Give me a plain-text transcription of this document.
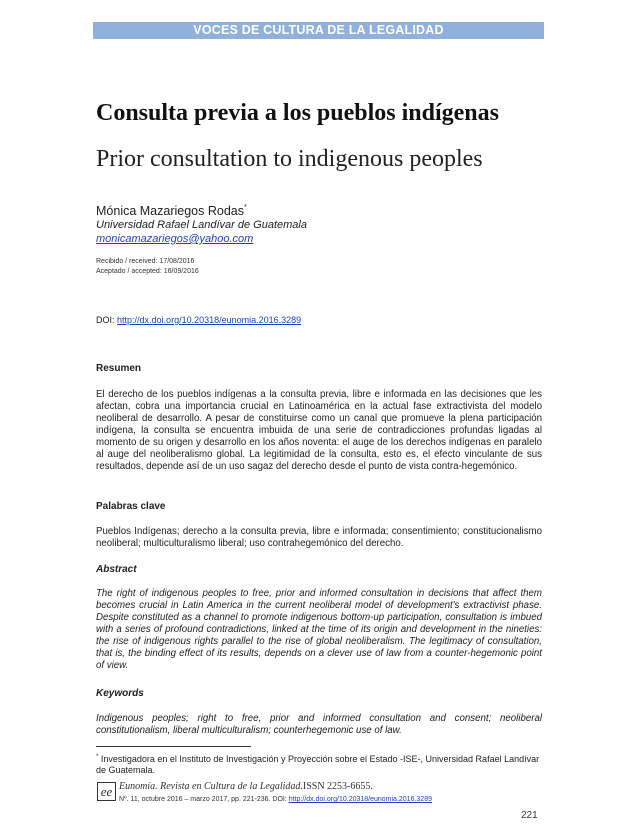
VOCES DE CULTURA DE LA LEGALIDAD
Consulta previa a los pueblos indígenas
Prior consultation to indigenous peoples
Mónica Mazariegos Rodas*
Universidad Rafael Landívar de Guatemala
monicamazariegos@yahoo.com
Recibido / received: 17/08/2016
Aceptado / accepted: 16/09/2016
DOI: http://dx.doi.org/10.20318/eunomia.2016.3289
Resumen

El derecho de los pueblos indígenas a la consulta previa, libre e informada en las decisiones que les afectan, cobra una importancia crucial en Latinoamérica en la actual fase extractivista del modelo neoliberal de desarrollo. A pesar de constituirse como un canal que promueve la plena participación indígena, la consulta se encuentra imbuida de una serie de contradicciones profundas ligadas al momento de su origen y desarrollo en los años noventa: el auge de los derechos indígenas en paralelo al auge del neoliberalismo global. La legitimidad de la consulta, esto es, el efecto vinculante de sus resultados, depende así de un uso sagaz del derecho desde el punto de vista contra-hegemónico.

Palabras clave

Pueblos Indígenas; derecho a la consulta previa, libre e informada; consentimiento; constitucionalismo neoliberal; multiculturalismo liberal; uso contrahegemónico del derecho.

Abstract

The right of indigenous peoples to free, prior and informed consultation in decisions that affect them becomes crucial in Latin America in the current neoliberal model of development's extractivist phase. Despite constituted as a channel to promote indigenous bottom-up participation, consultation is imbued with a series of profound contradictions, linked at the time of its origin and development in the nineties: the rise of indigenous rights parallel to the rise of global neoliberalism. The legitimacy of consultation, that is, the binding effect of its results, depends on a clever use of law from a counter-hegemonic point of view.

Keywords

Indigenous peoples; right to free, prior and informed consultation and consent; neoliberal constitutionalism, liberal multiculturalism; counterhegemonic use of law.

* Investigadora en el Instituto de Investigación y Proyección sobre el Estado -ISE-, Universidad Rafael Landívar de Guatemala.
ee Eunomía. Revista en Cultura de la Legalidad.ISSN 2253-6655.
Nº. 11, octubre 2016 – marzo 2017, pp. 221-236. DOI: http://dx.doi.org/10.20318/eunomia.2016.3289
221
